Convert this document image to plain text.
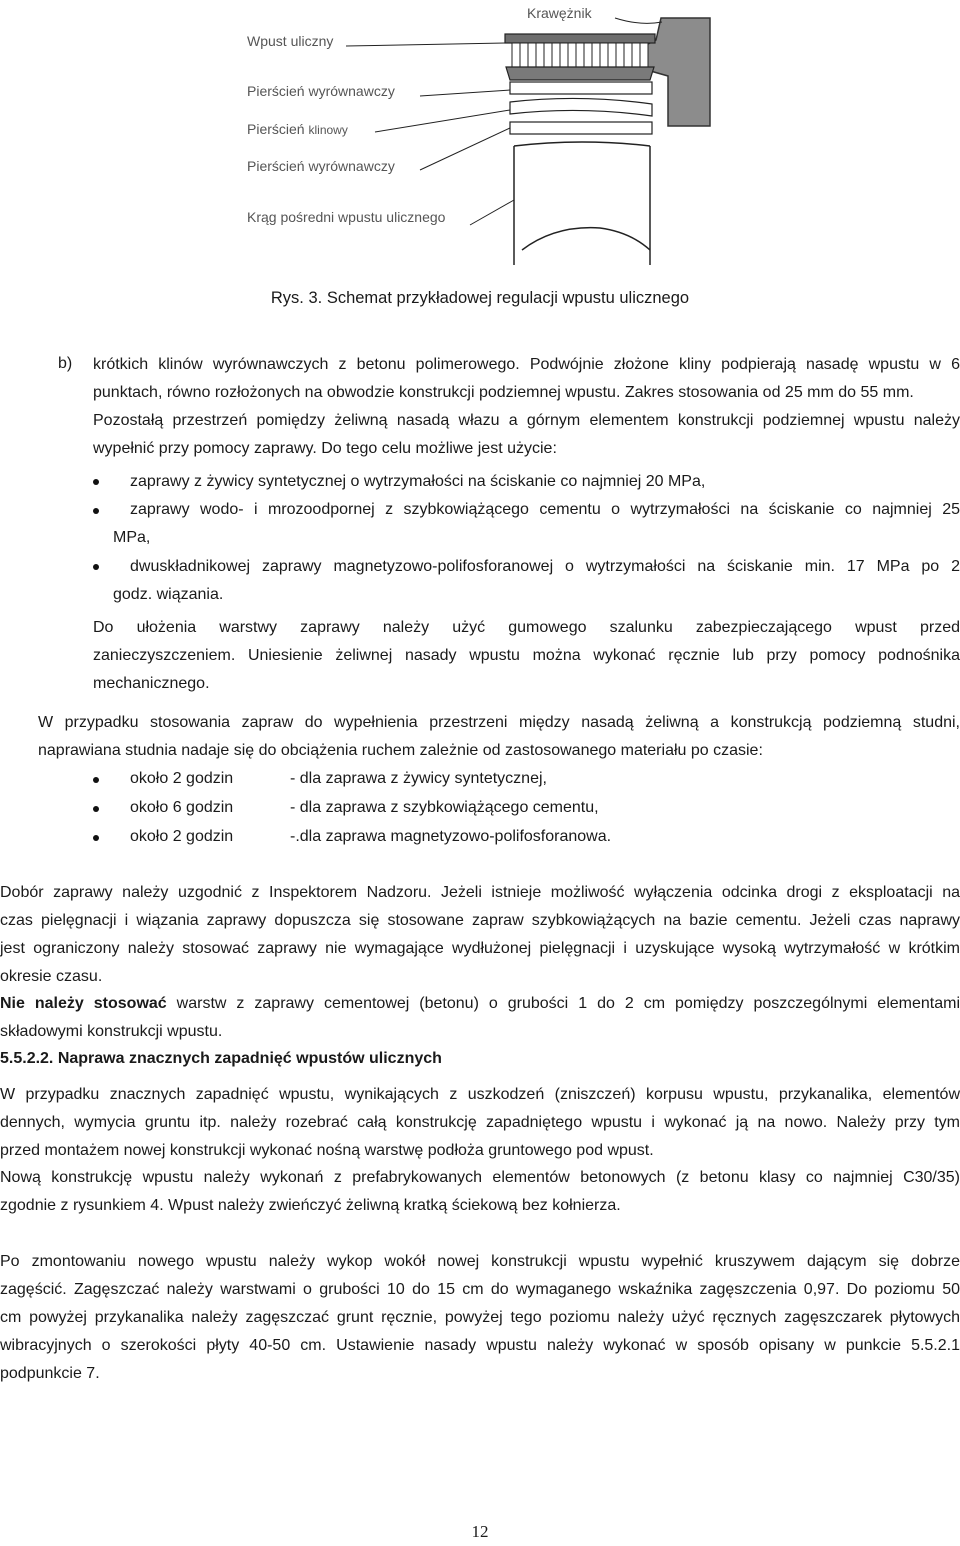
Krawężnik
Wpust uliczny
Pierścień wyrównawczy
Pierścień klinowy
Pierścień wyrównawczy
Krąg pośredni wpustu ulicznego
Rys. 3. Schemat przykładowej regulacji wpustu ulicznego
b) krótkich klinów wyrównawczych z betonu polimerowego. Podwójnie złożone kliny podpierają nasadę wpustu w 6
punktach, równo rozłożonych na obwodzie konstrukcji podziemnej wpustu. Zakres stosowania od 25 mm do 55 mm.
Pozostałą przestrzeń pomiędzy żeliwną nasadą włazu a górnym elementem konstrukcji podziemnej wpustu należy
wypełnić przy pomocy zaprawy. Do tego celu możliwe jest użycie:
zaprawy z żywicy syntetycznej o wytrzymałości na ściskanie co najmniej 20 MPa,
zaprawy wodo- i mrozoodpornej z szybkowiążącego cementu o wytrzymałości na ściskanie co najmniej 25
MPa,
dwuskładnikowej zaprawy magnetyzowo-polifosforanowej o wytrzymałości na ściskanie min. 17 MPa po 2
godz. wiązania.
Do ułożenia warstwy zaprawy należy użyć gumowego szalunku zabezpieczającego wpust przed
zanieczyszczeniem. Uniesienie żeliwnej nasady wpustu można wykonać ręcznie lub przy pomocy podnośnika
mechanicznego.
W przypadku stosowania zapraw do wypełnienia przestrzeni między nasadą żeliwną a konstrukcją podziemną studni,
naprawiana studnia nadaje się do obciążenia ruchem zależnie od zastosowanego materiału po czasie:
około 2 godzin	- dla zaprawa z żywicy syntetycznej,
około 6 godzin	- dla zaprawa z szybkowiążącego cementu,
około 2 godzin	-.dla zaprawa magnetyzowo-polifosforanowa.
Dobór zaprawy należy uzgodnić z Inspektorem Nadzoru. Jeżeli istnieje możliwość wyłączenia odcinka drogi z eksploatacji na
czas pielęgnacji i wiązania zaprawy dopuszcza się stosowane zapraw szybkowiążących na bazie cementu. Jeżeli czas naprawy
jest ograniczony należy stosować zaprawy nie wymagające wydłużonej pielęgnacji i uzyskujące wysoką wytrzymałość w krótkim
okresie czasu.
Nie należy stosować warstw z zaprawy cementowej (betonu) o grubości 1 do 2 cm pomiędzy poszczególnymi elementami
składowymi konstrukcji wpustu.
5.5.2.2. Naprawa znacznych zapadnięć wpustów ulicznych
W przypadku znacznych zapadnięć wpustu, wynikających z uszkodzeń (zniszczeń) korpusu wpustu, przykanalika, elementów
dennych, wymycia gruntu itp. należy rozebrać całą konstrukcję zapadniętego wpustu i wykonać ją na nowo. Należy przy tym
przed montażem nowej konstrukcji wykonać nośną warstwę podłoża gruntowego pod wpust.
Nową konstrukcję wpustu należy wykonań z prefabrykowanych elementów betonowych (z betonu klasy co najmniej C30/35)
zgodnie z rysunkiem 4. Wpust należy zwieńczyć żeliwną kratką ściekową bez kołnierza.
Po zmontowaniu nowego wpustu należy wykop wokół nowej konstrukcji wpustu wypełnić kruszywem dającym się dobrze
zagęścić. Zagęszczać należy warstwami o grubości 10 do 15 cm do wymaganego wskaźnika zagęszczenia 0,97. Do poziomu 50
cm powyżej przykanalika należy zagęszczać grunt ręcznie, powyżej tego poziomu należy użyć ręcznych zagęszczarek płytowych
wibracyjnych o szerokości płyty 40-50 cm. Ustawienie nasady wpustu należy wykonać w sposób opisany w punkcie 5.5.2.1
podpunkcie 7.
12
